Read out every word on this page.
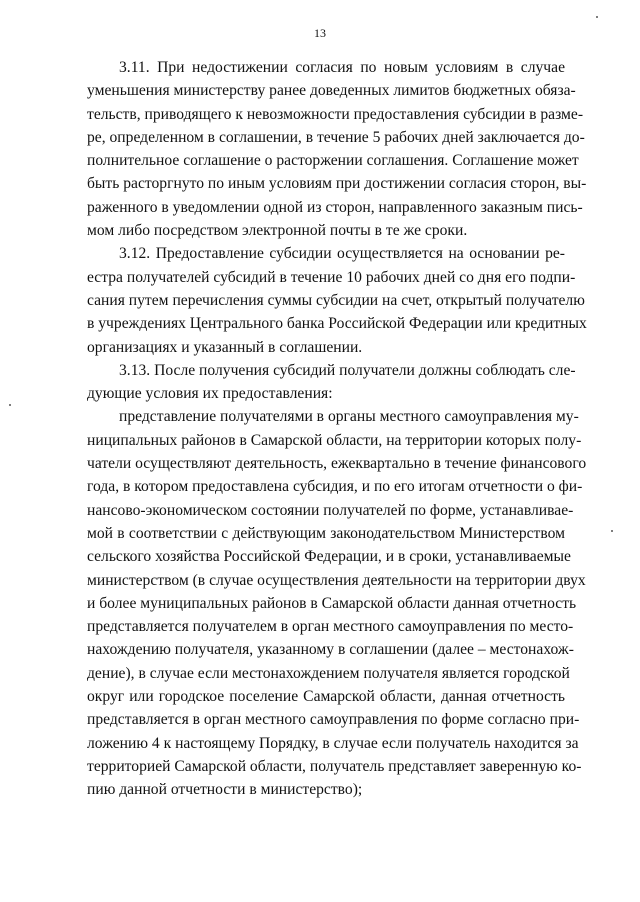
13

3.11. При недостижении согласия по новым условиям в случае
уменьшения министерству ранее доведенных лимитов бюджетных обяза-
тельств, приводящего к невозможности предоставления субсидии в разме-
ре, определенном в соглашении, в течение 5 рабочих дней заключается до-
полнительное соглашение о расторжении соглашения. Соглашение может
быть расторгнуто по иным условиям при достижении согласия сторон, вы-
раженного в уведомлении одной из сторон, направленного заказным пись-
мом либо посредством электронной почты в те же сроки.

3.12. Предоставление субсидии осуществляется на основании ре-
естра получателей субсидий в течение 10 рабочих дней со дня его подпи-
сания путем перечисления суммы субсидии на счет, открытый получателю
в учреждениях Центрального банка Российской Федерации или кредитных
организациях и указанный в соглашении.

3.13. После получения субсидий получатели должны соблюдать сле-
дующие условия их предоставления:

представление получателями в органы местного самоуправления му-
ниципальных районов в Самарской области, на территории которых полу-
чатели осуществляют деятельность, ежеквартально в течение финансового
года, в котором предоставлена субсидия, и по его итогам отчетности о фи-
нансово-экономическом состоянии получателей по форме, устанавливае-
мой в соответствии с действующим законодательством Министерством
сельского хозяйства Российской Федерации, и в сроки, устанавливаемые
министерством (в случае осуществления деятельности на территории двух
и более муниципальных районов в Самарской области данная отчетность
представляется получателем в орган местного самоуправления по место-
нахождению получателя, указанному в соглашении (далее – местонахож-
дение), в случае если местонахождением получателя является городской
округ или городское поселение Самарской области, данная отчетность
представляется в орган местного самоуправления по форме согласно при-
ложению 4 к настоящему Порядку, в случае если получатель находится за
территорией Самарской области, получатель представляет заверенную ко-
пию данной отчетности в министерство);
